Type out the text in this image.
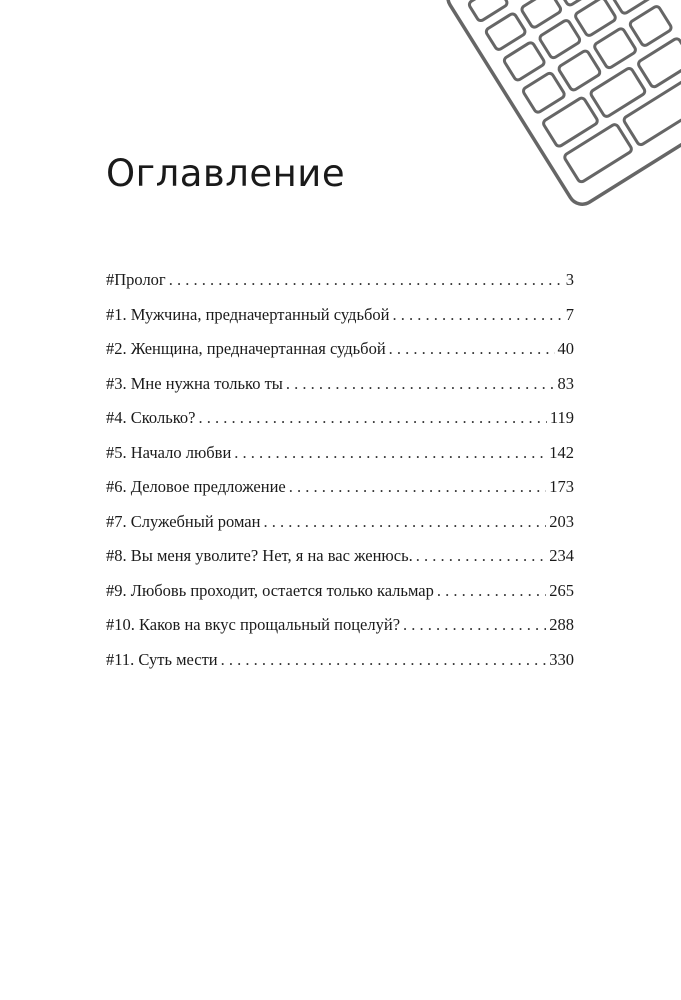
Оглавление
#Пролог . . .	3
#1. Мужчина, предначертанный судьбой . . .	7
#2. Женщина, предначертанная судьбой . . .	40
#3. Мне нужна только ты . . .	83
#4. Сколько? . . .	119
#5. Начало любви . . .	142
#6. Деловое предложение . . .	173
#7. Служебный роман . . .	203
#8. Вы меня уволите? Нет, я на вас женюсь. . . .	234
#9. Любовь проходит, остается только кальмар . . .	265
#10. Каков на вкус прощальный поцелуй? . . .	288
#11. Суть мести . . .	330
